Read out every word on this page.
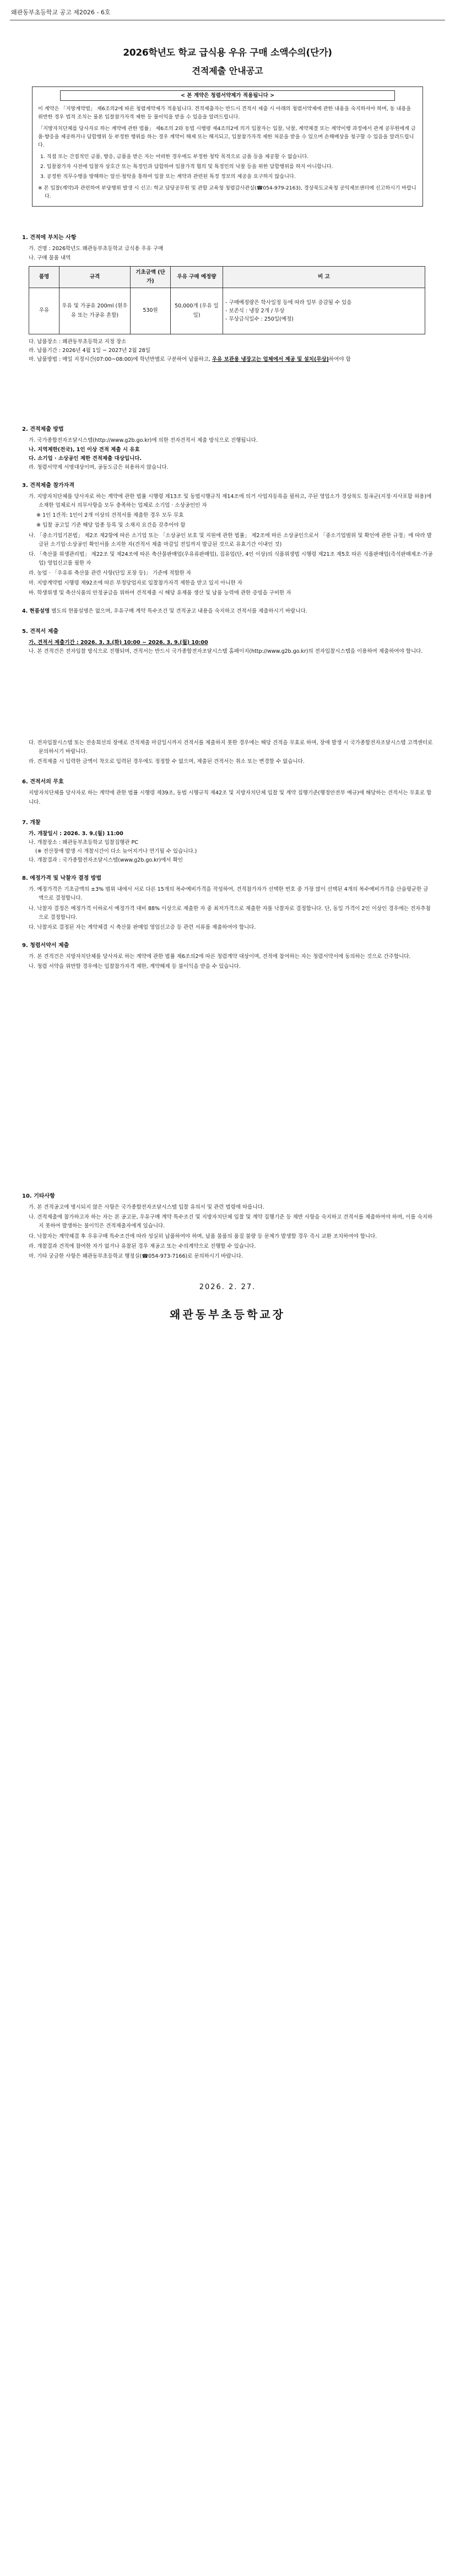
왜관동부초등학교 공고 제2026 - 6호
2026학년도 학교 급식용 우유 구매 소액수의(단가)
견적제출 안내공고
< 본 계약은 청렴서약제가 적용됩니다 >

이 계약은 「지방계약법」 제6조의2에 따른 청렴계약제가 적용됩니다. 견적제출자는 반드시 견적서 제출 시 아래의 청렴서약제에 관한 내용을 숙지하셔야 하며, 동 내용을 위반한 경우 법적 조치는 물론 입찰참가자격 제한 등 불이익을 받을 수 있음을 알려드립니다.

「지방자치단체를 당사자로 하는 계약에 관한 법률」 제6조의 2와 동법 시행령 제4조의2에 의거 입찰자는 입찰, 낙찰, 계약체결 또는 계약이행 과정에서 관계 공무원에게 금품·향응을 제공하거나 담합행위 등 부정한 행위를 하는 경우 계약이 해제 또는 해지되고, 입찰참가자격 제한 처분을 받을 수 있으며 손해배상을 청구할 수 있음을 알려드립니다.

1. 직접 또는 간접적인 금품, 향응, 금품을 받은 자는 어떠한 경우에도 부정한 청탁 목적으로 금품 등을 제공할 수 없습니다.
2. 입찰참가자 사전에 입찰자 상호간 또는 특정인과 담합하여 입찰가격 협의 및 특정인의 낙찰 등을 위한 담합행위를 하지 아니합니다.
3. 공정한 직무수행을 방해하는 알선·청탁을 통하여 입찰 또는 계약과 관련된 특정 정보의 제공을 요구하지 않습니다.
※ 본 입찰(계약)과 관련하여 부당행위 발생 시 신고: 학교 담당공무원 및 관할 교육청 청렴감사관실(☎054-979-2163), 경상북도교육청 공익제보센터에 신고하시기 바랍니다.
1. 견적에 부치는 사항

가. 건명 : 2026학년도 왜관동부초등학교 급식용 우유 구매

나. 구매 물품 내역

품명	규격	기초금액 (단가)	우유 구매 예정량	비 고
우유	우유 및 가공유 200ml (흰우유 또는 가공유 혼합)	530원	50,000개 (우유 일일)	- 구매예정량은 학사일정 등에 따라 일부 증감될 수 있음
- 보존식 : 냉장 2개 / 무상
- 무상급식일수 : 250일(예정)

다. 납품장소 : 왜관동부초등학교 지정 장소

라. 납품기간 : 2026년 4월 1일 ~ 2027년 2월 28일

마. 납품방법 : 매일 지정시간(07:00~08:00)에 학년반별로 구분하여 납품하고, 우유 보관용 냉장고는 업체에서 제공 및 설치(무상)하여야 함

2. 견적제출 방법

가. 국가종합전자조달시스템(http://www.g2b.go.kr)에 의한 전자견적서 제출 방식으로 진행됩니다.

나. 지역제한(전국), 1인 이상 견적 제출 시 유효

다. 소기업 · 소상공인 제한 견적제출 대상입니다.

라. 청렴서약제 서명대상이며, 공동도급은 허용하지 않습니다.

3. 견적제출 참가자격

가. 지방자치단체를 당사자로 하는 계약에 관한 법률 시행령 제13조 및 동법시행규칙 제14조에 의거 사업자등록을 필하고, 주된 영업소가 경상북도 칠곡군(지정·지사포함 허용)에 소재한 업체로서 의무사항을 모두 충족하는 업체로 소기업 · 소상공인인 자

※ 1인 1견적: 1인이 2개 이상의 견적서를 제출한 경우 모두 무효

※ 입찰 공고일 기준 해당 업종 등록 및 소재지 요건을 갖추어야 함

나. 「중소기업기본법」 제2조 제2항에 따른 소기업 또는 「소상공인 보호 및 지원에 관한 법률」 제2조에 따른 소상공인으로서 「중소기업범위 및 확인에 관한 규정」에 따라 발급된 소기업·소상공인 확인서를 소지한 자(견적서 제출 마감일 전일까지 발급된 것으로 유효기간 이내인 것)

다. 「축산물 위생관리법」 제22조 및 제24조에 따른 축산물판매업(우유류판매업), 집유업(단, 4인 이상)의 식품위생법 시행령 제21조 제5호 따른 식품판매업(즉석판매제조·가공업) 영업신고를 필한 자

라. 농업 · 「우유류 축산물 관련 사항(단일 포장 등)」 기준에 적합한 자

마. 지방계약법 시행령 제92조에 따른 부정당업자로 입찰참가자격 제한을 받고 있지 아니한 자

바. 학생위생 및 축산식품의 안정공급을 위하여 견적제출 시 해당 유제품 생산 및 납품 능력에 관한 증빙을 구비한 자

4. 현품설명 별도의 현품설명은 없으며, 우유구매 계약 특수조건 및 견적공고 내용을 숙지하고 견적서를 제출하시기 바랍니다.

5. 견적서 제출

가. 견적서 제출기간 : 2026. 3. 3.(화) 10:00 ~ 2026. 3. 9.(월) 10:00

나. 본 견적건은 전자입찰 방식으로 진행되며, 견적서는 반드시 국가종합전자조달시스템 홈페이지(http://www.g2b.go.kr)의 전자입찰시스템을 이용하여 제출하여야 합니다.

다. 전자입찰시스템 또는 전송회선의 장애로 견적제출 마감일시까지 견적서를 제출하지 못한 경우에는 해당 견적을 무효로 하며, 장애 발생 시 국가종합전자조달시스템 고객센터로 문의하시기 바랍니다.

라. 견적제출 시 입력한 금액이 착오로 입력된 경우에도 정정할 수 없으며, 제출된 견적서는 취소 또는 변경할 수 없습니다.

6. 견적서의 무효

지방자치단체를 당사자로 하는 계약에 관한 법률 시행령 제39조, 동법 시행규칙 제42조 및 지방자치단체 입찰 및 계약 집행기준(행정안전부 예규)에 해당하는 견적서는 무효로 합니다.

7. 개찰

가. 개찰일시 : 2026. 3. 9.(월) 11:00

나. 개찰장소 : 왜관동부초등학교 입찰집행관 PC

(※ 전산장애 발생 시 개찰시간이 다소 늦어지거나 연기될 수 있습니다.)

다. 개찰결과 : 국가종합전자조달시스템(www.g2b.go.kr)에서 확인

8. 예정가격 및 낙찰자 결정 방법

가. 예정가격은 기초금액의 ±3% 범위 내에서 서로 다른 15개의 복수예비가격을 작성하여, 견적참가자가 선택한 번호 중 가장 많이 선택된 4개의 복수예비가격을 산술평균한 금액으로 결정합니다.

나. 낙찰자 결정은 예정가격 이하로서 예정가격 대비 88% 이상으로 제출한 자 중 최저가격으로 제출한 자를 낙찰자로 결정합니다. 단, 동일 가격이 2인 이상인 경우에는 전자추첨으로 결정합니다.

다. 낙찰자로 결정된 자는 계약체결 시 축산물 판매업 영업신고증 등 관련 서류를 제출하여야 합니다.

9. 청렴서약서 제출

가. 본 견적건은 지방자치단체를 당사자로 하는 계약에 관한 법률 제6조의2에 따른 청렴계약 대상이며, 견적에 참여하는 자는 청렴서약서에 동의하는 것으로 간주합니다.

나. 청렴 서약을 위반할 경우에는 입찰참가자격 제한, 계약해제 등 불이익을 받을 수 있습니다.

10. 기타사항

가. 본 견적공고에 명시되지 않은 사항은 국가종합전자조달시스템 입찰 유의서 및 관련 법령에 따릅니다.

나. 견적제출에 참가하고자 하는 자는 본 공고문, 우유구매 계약 특수조건 및 지방자치단체 입찰 및 계약 집행기준 등 제반 사항을 숙지하고 견적서를 제출하여야 하며, 이를 숙지하지 못하여 발생하는 불이익은 견적제출자에게 있습니다.

다. 낙찰자는 계약체결 후 우유구매 특수조건에 따라 성실히 납품하여야 하며, 납품 물품의 품질 불량 등 문제가 발생할 경우 즉시 교환 조치하여야 합니다.

라. 개찰결과 견적에 참여한 자가 없거나 유찰된 경우 재공고 또는 수의계약으로 진행할 수 있습니다.

마. 기타 궁금한 사항은 왜관동부초등학교 행정실(☎054-973-7166)로 문의하시기 바랍니다.

2026. 2. 27.
왜관동부초등학교장
